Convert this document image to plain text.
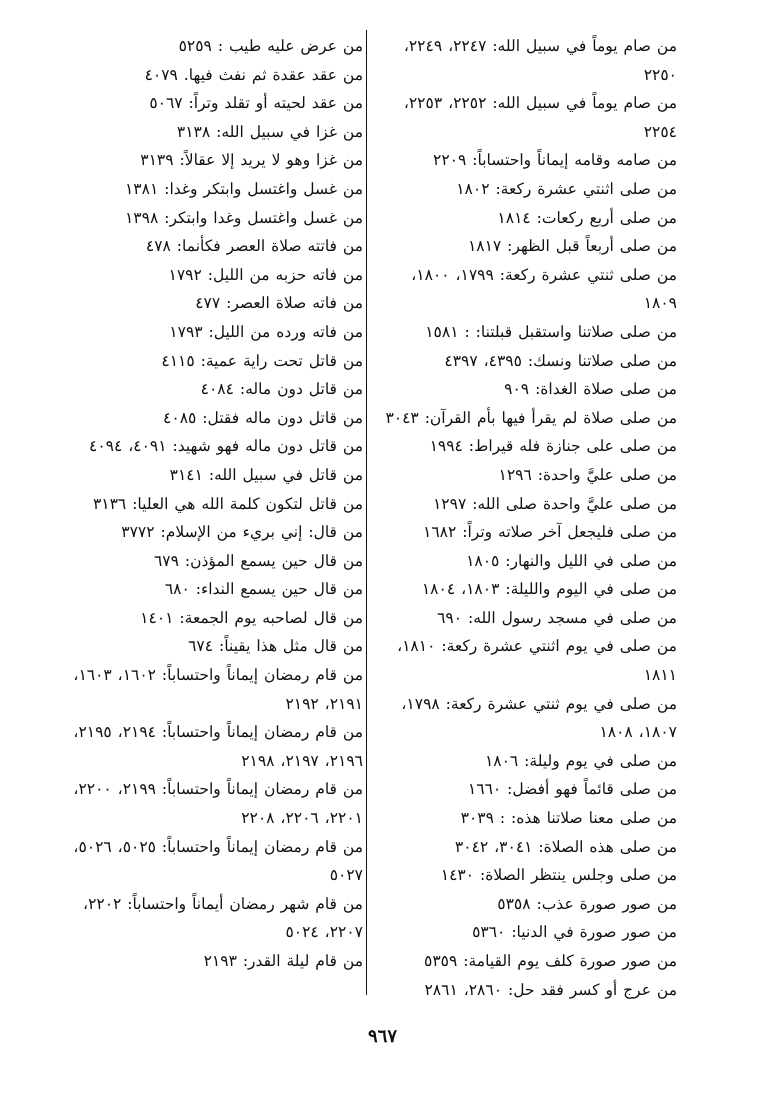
من صام يوماً في سبيل الله: ٢٢٤٧، ٢٢٤٩، ٢٢٥٠

من صام يوماً في سبيل الله: ٢٢٥٢، ٢٢٥٣، ٢٢٥٤

من صامه وقامه إيماناً واحتساباً: ٢٢٠٩

من صلى اثنتي عشرة ركعة: ١٨٠٢

من صلى أربع ركعات: ١٨١٤

من صلى أربعاً قبل الظهر: ١٨١٧

من صلى ثنتي عشرة ركعة: ١٧٩٩، ١٨٠٠، ١٨٠٩

من صلى صلاتنا واستقبل قبلتنا: : ١٥٨١

من صلى صلاتنا ونسك: ٤٣٩٥، ٤٣٩٧

من صلى صلاة الغداة: ٩٠٩

من صلى صلاة لم يقرأ فيها بأم القرآن: ٣٠٤٣

من صلى على جنازة فله قيراط: ١٩٩٤

من صلى عليَّ واحدة: ١٢٩٦

من صلى عليَّ واحدة صلى الله: ١٢٩٧

من صلى فليجعل آخر صلاته وتراً: ١٦٨٢

من صلى في الليل والنهار: ١٨٠٥

من صلى في اليوم والليلة: ١٨٠٣، ١٨٠٤

من صلى في مسجد رسول الله: ٦٩٠

من صلى في يوم اثنتي عشرة ركعة: ١٨١٠، ١٨١١

من صلى في يوم ثنتي عشرة ركعة: ١٧٩٨، ١٨٠٧، ١٨٠٨

من صلى في يوم وليلة: ١٨٠٦

من صلى قائماً فهو أفضل: ١٦٦٠

من صلى معنا صلاتنا هذه: : ٣٠٣٩

من صلى هذه الصلاة: ٣٠٤١، ٣٠٤٢

من صلى وجلس ينتظر الصلاة: ١٤٣٠

من صور صورة عذب: ٥٣٥٨

من صور صورة في الدنيا: ٥٣٦٠

من صور صورة كلف يوم القيامة: ٥٣٥٩

من عرج أو كسر فقد حل: ٢٨٦٠، ٢٨٦١

من عرض عليه طيب : ٥٢٥٩

من عقد عقدة ثم نفث فيها. ٤٠٧٩

من عقد لحيته أو تقلد وتراً: ٥٠٦٧

من غزا في سبيل الله: ٣١٣٨

من غزا وهو لا يريد إلا عقالاً: ٣١٣٩

من غسل واغتسل وابتكر وغدا: ١٣٨١

من غسل واغتسل وغدا وابتكر: ١٣٩٨

من فاتته صلاة العصر فكأنما: ٤٧٨

من فاته حزبه من الليل: ١٧٩٢

من فاته صلاة العصر: ٤٧٧

من فاته ورده من الليل: ١٧٩٣

من قاتل تحت راية عمية: ٤١١٥

من قاتل دون ماله: ٤٠٨٤

من قاتل دون ماله فقتل: ٤٠٨٥

من قاتل دون ماله فهو شهيد: ٤٠٩١، ٤٠٩٤

من قاتل في سبيل الله: ٣١٤١

من قاتل لتكون كلمة الله هي العليا: ٣١٣٦

من قال: إني بريء من الإسلام: ٣٧٧٢

من قال حين يسمع المؤذن: ٦٧٩

من قال حين يسمع النداء: ٦٨٠

من قال لصاحبه يوم الجمعة: ١٤٠١

من قال مثل هذا يقيناً: ٦٧٤

من قام رمضان إيماناً واحتساباً: ١٦٠٢، ١٦٠٣، ٢١٩١، ٢١٩٢

من قام رمضان إيماناً واحتساباً: ٢١٩٤، ٢١٩٥، ٢١٩٦، ٢١٩٧، ٢١٩٨

من قام رمضان إيماناً واحتساباً: ٢١٩٩، ٢٢٠٠، ٢٢٠١، ٢٢٠٦، ٢٢٠٨

من قام رمضان إيماناً واحتساباً: ٥٠٢٥، ٥٠٢٦، ٥٠٢٧

من قام شهر رمضان أيماناً واحتساباً: ٢٢٠٢، ٢٢٠٧، ٥٠٢٤

من قام ليلة القدر: ٢١٩٣

٩٦٧
